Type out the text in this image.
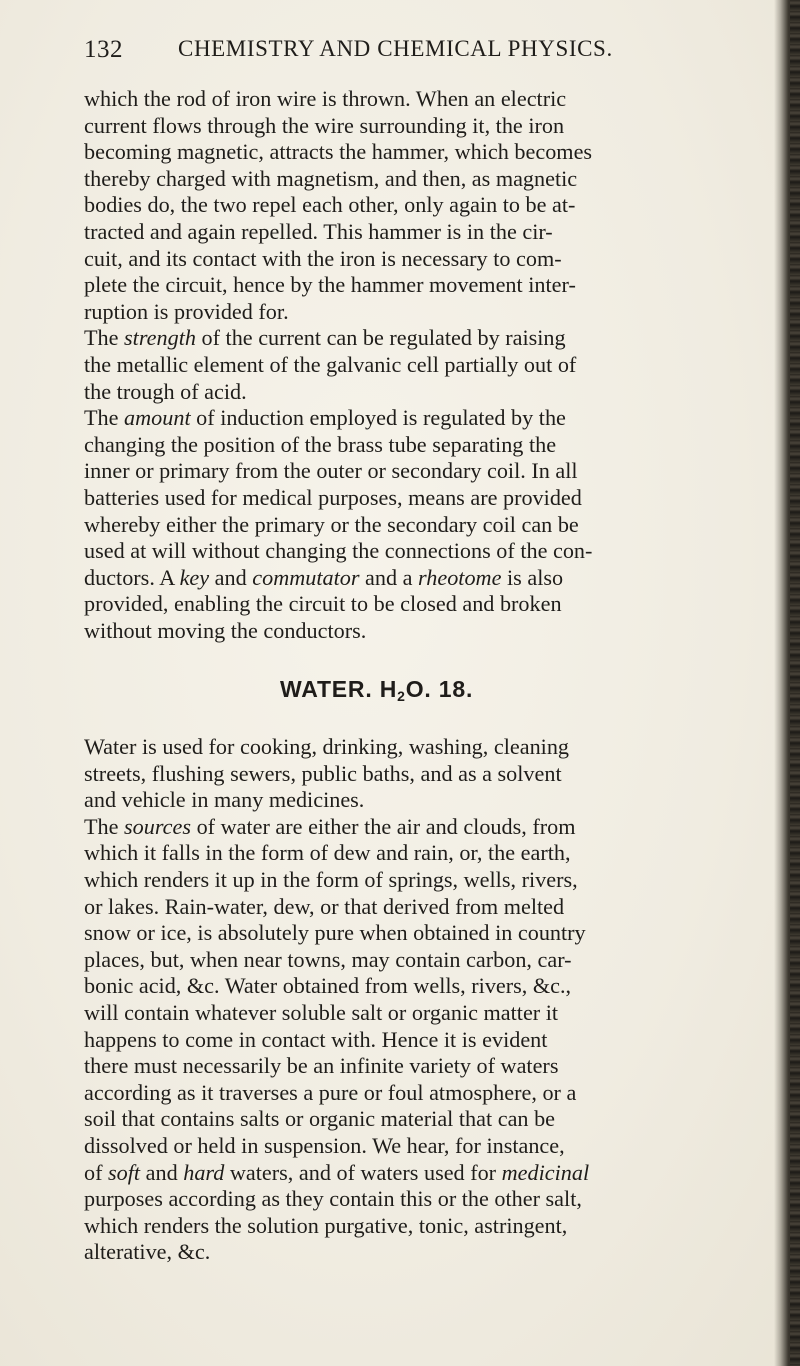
132 CHEMISTRY AND CHEMICAL PHYSICS.
which the rod of iron wire is thrown. When an electric
current flows through the wire surrounding it, the iron
becoming magnetic, attracts the hammer, which becomes
thereby charged with magnetism, and then, as magnetic
bodies do, the two repel each other, only again to be at-
tracted and again repelled. This hammer is in the cir-
cuit, and its contact with the iron is necessary to com-
plete the circuit, hence by the hammer movement inter-
ruption is provided for.
The strength of the current can be regulated by raising
the metallic element of the galvanic cell partially out of
the trough of acid.
The amount of induction employed is regulated by the
changing the position of the brass tube separating the
inner or primary from the outer or secondary coil. In all
batteries used for medical purposes, means are provided
whereby either the primary or the secondary coil can be
used at will without changing the connections of the con-
ductors. A key and commutator and a rheotome is also
provided, enabling the circuit to be closed and broken
without moving the conductors.
WATER. $H_2O$. 18.
Water is used for cooking, drinking, washing, cleaning
streets, flushing sewers, public baths, and as a solvent
and vehicle in many medicines.
The sources of water are either the air and clouds, from
which it falls in the form of dew and rain, or, the earth,
which renders it up in the form of springs, wells, rivers,
or lakes. Rain-water, dew, or that derived from melted
snow or ice, is absolutely pure when obtained in country
places, but, when near towns, may contain carbon, car-
bonic acid, &c. Water obtained from wells, rivers, &c.,
will contain whatever soluble salt or organic matter it
happens to come in contact with. Hence it is evident
there must necessarily be an infinite variety of waters
according as it traverses a pure or foul atmosphere, or a
soil that contains salts or organic material that can be
dissolved or held in suspension. We hear, for instance,
of soft and hard waters, and of waters used for medicinal
purposes according as they contain this or the other salt,
which renders the solution purgative, tonic, astringent,
alterative, &c.
